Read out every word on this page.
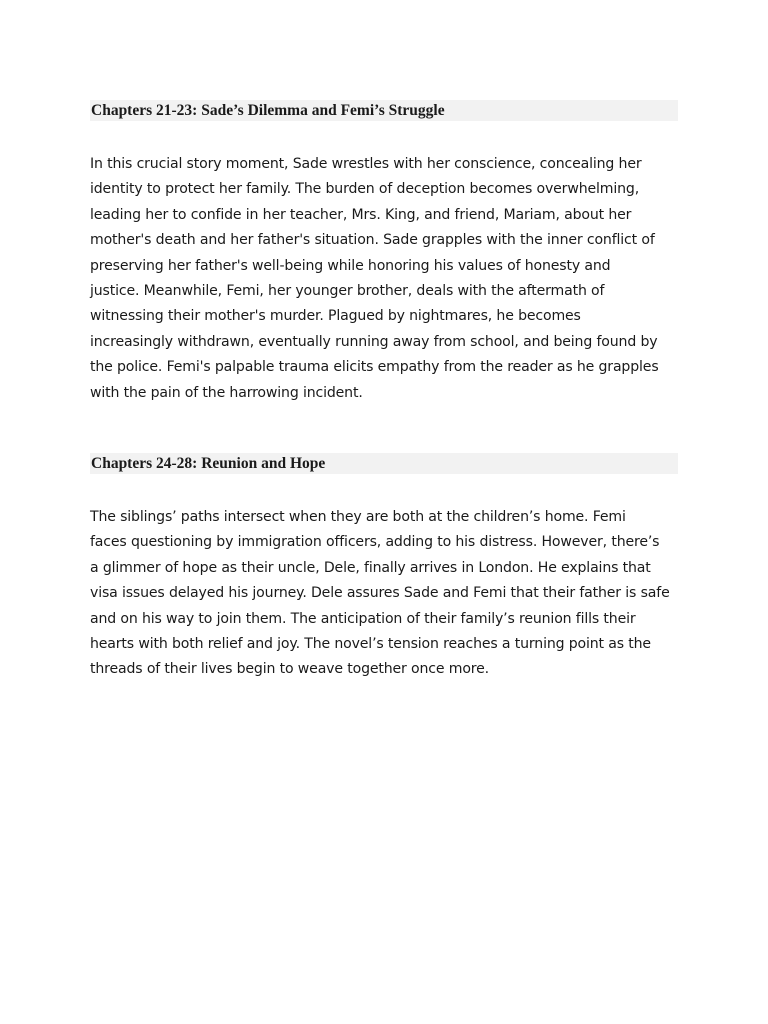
Chapters 21-23: Sade’s Dilemma and Femi’s Struggle
In this crucial story moment, Sade wrestles with her conscience, concealing her
identity to protect her family. The burden of deception becomes overwhelming,
leading her to confide in her teacher, Mrs. King, and friend, Mariam, about her
mother's death and her father's situation. Sade grapples with the inner conflict of
preserving her father's well-being while honoring his values of honesty and
justice. Meanwhile, Femi, her younger brother, deals with the aftermath of
witnessing their mother's murder. Plagued by nightmares, he becomes
increasingly withdrawn, eventually running away from school, and being found by
the police. Femi's palpable trauma elicits empathy from the reader as he grapples
with the pain of the harrowing incident.
Chapters 24-28: Reunion and Hope
The siblings’ paths intersect when they are both at the children’s home. Femi
faces questioning by immigration officers, adding to his distress. However, there’s
a glimmer of hope as their uncle, Dele, finally arrives in London. He explains that
visa issues delayed his journey. Dele assures Sade and Femi that their father is safe
and on his way to join them. The anticipation of their family’s reunion fills their
hearts with both relief and joy. The novel’s tension reaches a turning point as the
threads of their lives begin to weave together once more.
